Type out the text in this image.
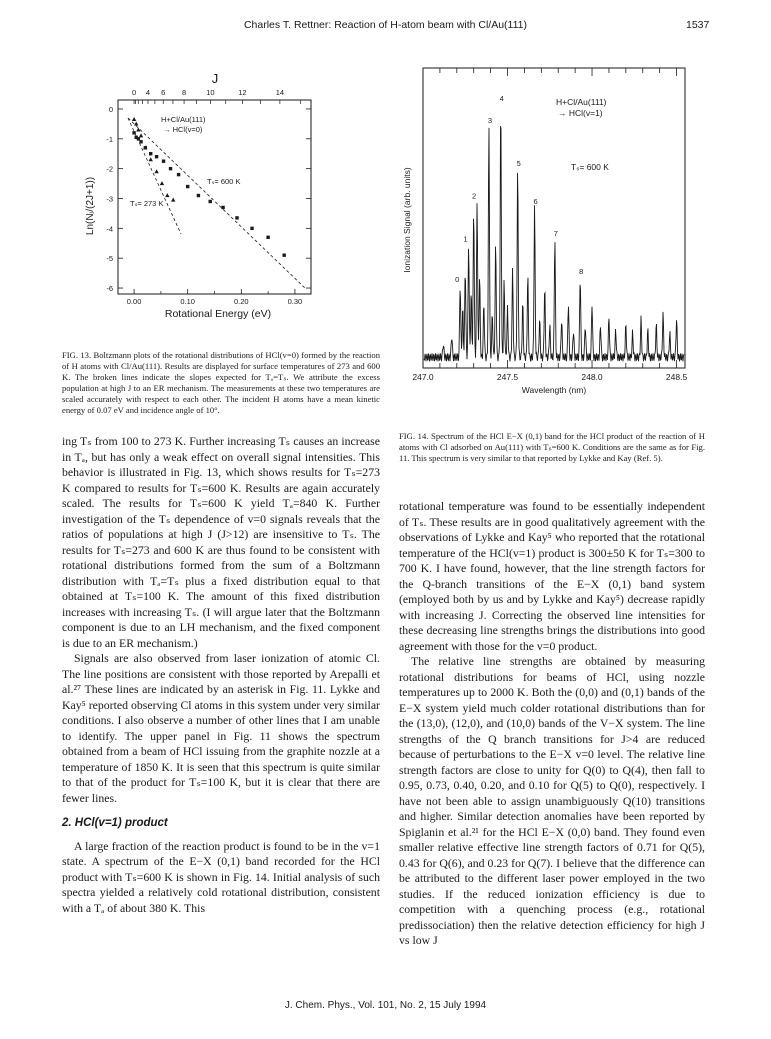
Charles T. Rettner: Reaction of H-atom beam with Cl/Au(111)	1537
J
0 4 6 8	10	12	14
0
-1
-2
-3
-4
-5
-6
0.00	0.10	0.20	0.30
H+Cl/Au(111)
→ HCl(v=0)
Tₛ= 600 K
Tₛ= 273 K
Ln(Nⱼ/(2J+1))
Rotational Energy (eV)

FIG. 13. Boltzmann plots of the rotational distributions of HCl(v=0) formed by the reaction of H atoms with Cl/Au(111). Results are displayed for surface temperatures of 273 and 600 K. The broken lines indicate the slopes expected for Tₐ=Tₛ. We attribute the excess population at high J to an ER mechanism. The measurements at these two temperatures are scaled accurately with respect to each other. The incident H atoms have a mean kinetic energy of 0.07 eV and incidence angle of 10°.

247.0	247.5	248.0	248.5
0
1
2
3
4
5
6
7
8
H+Cl/Au(111)
→ HCl(v=1)
Tₛ= 600 K
Ionization Signal (arb. units)
Wavelength (nm)

FIG. 14. Spectrum of the HCl E−X (0,1) band for the HCl product of the reaction of H atoms with Cl adsorbed on Au(111) with Tₛ=600 K. Conditions are the same as for Fig. 11. This spectrum is very similar to that reported by Lykke and Kay (Ref. 5).

ing Tₛ from 100 to 273 K. Further increasing Tₛ causes an increase in Tₐ, but has only a weak effect on overall signal intensities. This behavior is illustrated in Fig. 13, which shows results for Tₛ=273 K compared to results for Tₛ=600 K. Results are again accurately scaled. The results for Tₛ=600 K yield Tₐ=840 K. Further investigation of the Tₛ dependence of v=0 signals reveals that the ratios of populations at high J (J>12) are insensitive to Tₛ. The results for Tₛ=273 and 600 K are thus found to be consistent with rotational distributions formed from the sum of a Boltzmann distribution with Tₐ=Tₛ plus a fixed distribution equal to that obtained at Tₛ=100 K. The amount of this fixed distribution increases with increasing Tₛ. (I will argue later that the Boltzmann component is due to an LH mechanism, and the fixed component is due to an ER mechanism.)

Signals are also observed from laser ionization of atomic Cl. The line positions are consistent with those reported by Arepalli et al.²⁷ These lines are indicated by an asterisk in Fig. 11. Lykke and Kay⁵ reported observing Cl atoms in this system under very similar conditions. I also observe a number of other lines that I am unable to identify. The upper panel in Fig. 11 shows the spectrum obtained from a beam of HCl issuing from the graphite nozzle at a temperature of 1850 K. It is seen that this spectrum is quite similar to that of the product for Tₛ=100 K, but it is clear that there are fewer lines.

2. HCl(v=1) product

A large fraction of the reaction product is found to be in the v=1 state. A spectrum of the E−X (0,1) band recorded for the HCl product with Tₛ=600 K is shown in Fig. 14. Initial analysis of such spectra yielded a relatively cold rotational distribution, consistent with a Tₐ of about 380 K. This

rotational temperature was found to be essentially independent of Tₛ. These results are in good qualitatively agreement with the observations of Lykke and Kay⁵ who reported that the rotational temperature of the HCl(v=1) product is 300±50 K for Tₛ=300 to 700 K. I have found, however, that the line strength factors for the Q-branch transitions of the E−X (0,1) band system (employed both by us and by Lykke and Kay⁵) decrease rapidly with increasing J. Correcting the observed line intensities for these decreasing line strengths brings the distributions into good agreement with those for the v=0 product.

The relative line strengths are obtained by measuring rotational distributions for beams of HCl, using nozzle temperatures up to 2000 K. Both the (0,0) and (0,1) bands of the E−X system yield much colder rotational distributions than for the (13,0), (12,0), and (10,0) bands of the V−X system. The line strengths of the Q branch transitions for J>4 are reduced because of perturbations to the E−X v=0 level. The relative line strength factors are close to unity for Q(0) to Q(4), then fall to 0.95, 0.73, 0.40, 0.20, and 0.10 for Q(5) to Q(0), respectively. I have not been able to assign unambiguously Q(10) transitions and higher. Similar detection anomalies have been reported by Spiglanin et al.²¹ for the HCl E−X (0,0) band. They found even smaller relative effective line strength factors of 0.71 for Q(5), 0.43 for Q(6), and 0.23 for Q(7). I believe that the difference can be attributed to the different laser power employed in the two studies. If the reduced ionization efficiency is due to competition with a quenching process (e.g., rotational predissociation) then the relative detection efficiency for high J vs low J

J. Chem. Phys., Vol. 101, No. 2, 15 July 1994
